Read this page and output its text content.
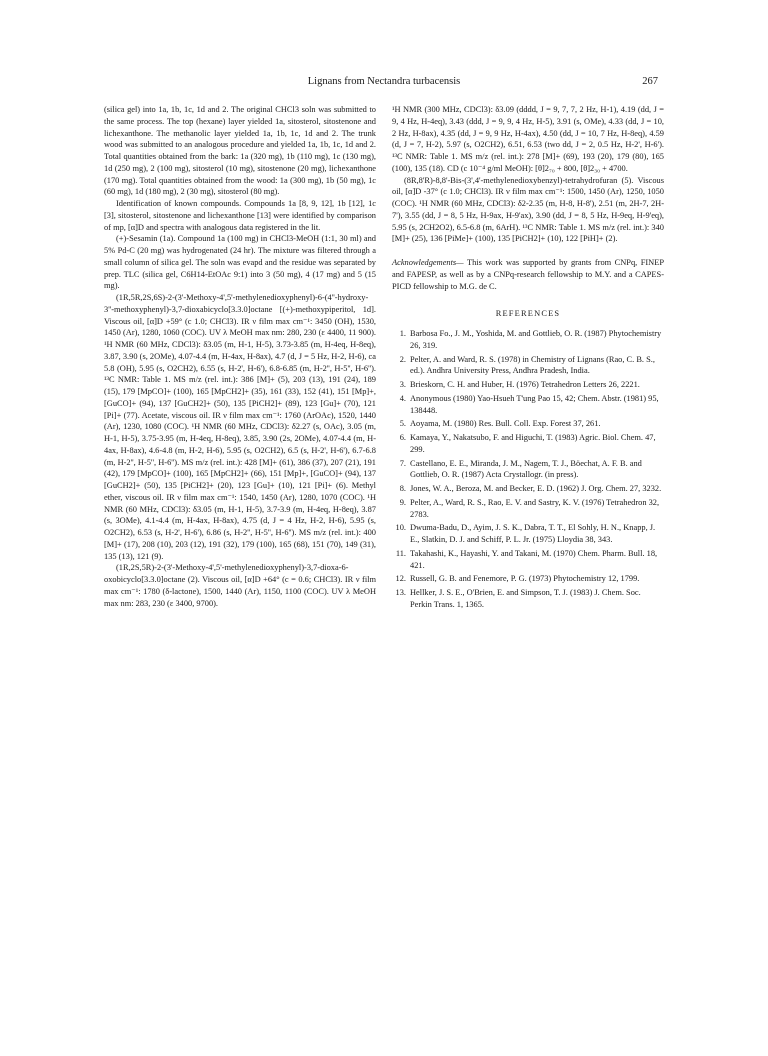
Lignans from Nectandra turbacensis	267

(silica gel) into 1a, 1b, 1c, 1d and 2. The original CHCl3 soln was submitted to the same process. The top (hexane) layer yielded 1a, sitosterol, sitostenone and lichexanthone. The methanolic layer yielded 1a, 1b, 1c, 1d and 2. The trunk wood was submitted to an analogous procedure and yielded 1a, 1b, 1c, 1d and 2. Total quantities obtained from the bark: 1a (320 mg), 1b (110 mg), 1c (130 mg), 1d (250 mg), 2 (100 mg), sitosterol (10 mg), sitostenone (20 mg), lichexanthone (170 mg). Total quantities obtained from the wood: 1a (300 mg), 1b (50 mg), 1c (60 mg), 1d (180 mg), 2 (30 mg), sitosterol (80 mg).

Identification of known compounds. Compounds 1a [8, 9, 12], 1b [12], 1c [3], sitosterol, sitostenone and lichexanthone [13] were identified by comparison of mp, [α]D and spectra with analogous data registered in the lit.

(+)-Sesamin (1a). Compound 1a (100 mg) in CHCl3-MeOH (1:1, 30 ml) and 5% Pd-C (20 mg) was hydrogenated (24 hr). The mixture was filtered through a small column of silica gel. The soln was evapd and the residue was separated by prep. TLC (silica gel, C6H14-EtOAc 9:1) into 3 (50 mg), 4 (17 mg) and 5 (15 mg).

(1R,5R,2S,6S)-2-(3'-Methoxy-4',5'-methylenedioxyphenyl)-6-(4''-hydroxy-3''-methoxyphenyl)-3,7-dioxabicyclo[3.3.0]octane [(+)-methoxypiperitol, 1d]. Viscous oil, [α]D +59° (c 1.0; CHCl3). IR ν film max cm⁻¹: 3450 (OH), 1530, 1450 (Ar), 1280, 1060 (COC). UV λ MeOH max nm: 280, 230 (ε 4400, 11 900). ¹H NMR (60 MHz, CDCl3): δ3.05 (m, H-1, H-5), 3.73-3.85 (m, H-4eq, H-8eq), 3.87, 3.90 (s, 2OMe), 4.07-4.4 (m, H-4ax, H-8ax), 4.7 (d, J = 5 Hz, H-2, H-6), ca 5.8 (OH), 5.95 (s, O2CH2), 6.55 (s, H-2', H-6'), 6.8-6.85 (m, H-2'', H-5'', H-6''). ¹³C NMR: Table 1. MS m/z (rel. int.): 386 [M]+ (5), 203 (13), 191 (24), 189 (15), 179 [MpCO]+ (100), 165 [MpCH2]+ (35), 161 (33), 152 (41), 151 [Mp]+, [GuCO]+ (94), 137 [GuCH2]+ (50), 135 [PiCH2]+ (89), 123 [Gu]+ (70), 121 [Pi]+ (77). Acetate, viscous oil. IR ν film max cm⁻¹: 1760 (ArOAc), 1520, 1440 (Ar), 1230, 1080 (COC). ¹H NMR (60 MHz, CDCl3): δ2.27 (s, OAc), 3.05 (m, H-1, H-5), 3.75-3.95 (m, H-4eq, H-8eq), 3.85, 3.90 (2s, 2OMe), 4.07-4.4 (m, H-4ax, H-8ax), 4.6-4.8 (m, H-2, H-6), 5.95 (s, O2CH2), 6.5 (s, H-2', H-6'), 6.7-6.8 (m, H-2'', H-5'', H-6''). MS m/z (rel. int.): 428 [M]+ (61), 386 (37), 207 (21), 191 (42), 179 [MpCO]+ (100), 165 [MpCH2]+ (66), 151 [Mp]+, [GuCO]+ (94), 137 [GuCH2]+ (50), 135 [PiCH2]+ (20), 123 [Gu]+ (10), 121 [Pi]+ (6). Methyl ether, viscous oil. IR ν film max cm⁻¹: 1540, 1450 (Ar), 1280, 1070 (COC). ¹H NMR (60 MHz, CDCl3): δ3.05 (m, H-1, H-5), 3.7-3.9 (m, H-4eq, H-8eq), 3.87 (s, 3OMe), 4.1-4.4 (m, H-4ax, H-8ax), 4.75 (d, J = 4 Hz, H-2, H-6), 5.95 (s, O2CH2), 6.53 (s, H-2', H-6'), 6.86 (s, H-2'', H-5'', H-6''). MS m/z (rel. int.): 400 [M]+ (17), 208 (10), 203 (12), 191 (32), 179 (100), 165 (68), 151 (70), 149 (31), 135 (13), 121 (9).

(1R,2S,5R)-2-(3'-Methoxy-4',5'-methylenedioxyphenyl)-3,7-dioxa-6-oxobicyclo[3.3.0]octane (2). Viscous oil, [α]D +64° (c = 0.6; CHCl3). IR ν film max cm⁻¹: 1780 (δ-lactone), 1500, 1440 (Ar), 1150, 1100 (COC). UV λ MeOH max nm: 283, 230 (ε 3400, 9700).

¹H NMR (300 MHz, CDCl3): δ3.09 (dddd, J = 9, 7, 7, 2 Hz, H-1), 4.19 (dd, J = 9, 4 Hz, H-4eq), 3.43 (ddd, J = 9, 9, 4 Hz, H-5), 3.91 (s, OMe), 4.33 (dd, J = 10, 2 Hz, H-8ax), 4.35 (dd, J = 9, 9 Hz, H-4ax), 4.50 (dd, J = 10, 7 Hz, H-8eq), 4.59 (d, J = 7, H-2), 5.97 (s, O2CH2), 6.51, 6.53 (two dd, J = 2, 0.5 Hz, H-2', H-6'). ¹³C NMR: Table 1. MS m/z (rel. int.): 278 [M]+ (69), 193 (20), 179 (80), 165 (100), 135 (18). CD (c 10⁻⁴ g/ml MeOH): [θ]2₇₀ + 800, [θ]2₃₀ + 4700.

(8R,8'R)-8,8'-Bis-(3',4'-methylenedioxybenzyl)-tetrahydrofuran (5). Viscous oil, [α]D -37° (c 1.0; CHCl3). IR ν film max cm⁻¹: 1500, 1450 (Ar), 1250, 1050 (COC). ¹H NMR (60 MHz, CDCl3): δ2-2.35 (m, H-8, H-8'), 2.51 (m, 2H-7, 2H-7'), 3.55 (dd, J = 8, 5 Hz, H-9ax, H-9'ax), 3.90 (dd, J = 8, 5 Hz, H-9eq, H-9'eq), 5.95 (s, 2CH2O2), 6.5-6.8 (m, 6ArH). ¹³C NMR: Table 1. MS m/z (rel. int.): 340 [M]+ (25), 136 [PiMe]+ (100), 135 [PiCH2]+ (10), 122 [PiH]+ (2).

Acknowledgements— This work was supported by grants from CNPq, FINEP and FAPESP, as well as by a CNPq-research fellowship to M.Y. and a CAPES-PICD fellowship to M.G. de C.

REFERENCES
1. Barbosa Fo., J. M., Yoshida, M. and Gottlieb, O. R. (1987) Phytochemistry 26, 319.
2. Pelter, A. and Ward, R. S. (1978) in Chemistry of Lignans (Rao, C. B. S., ed.). Andhra University Press, Andhra Pradesh, India.
3. Brieskorn, C. H. and Huber, H. (1976) Tetrahedron Letters 26, 2221.
4. Anonymous (1980) Yao-Hsueh T'ung Pao 15, 42; Chem. Abstr. (1981) 95, 138448.
5. Aoyama, M. (1980) Res. Bull. Coll. Exp. Forest 37, 261.
6. Kamaya, Y., Nakatsubo, F. and Higuchi, T. (1983) Agric. Biol. Chem. 47, 299.
7. Castellano, E. E., Miranda, J. M., Nagem, T. J., Böechat, A. F. B. and Gottlieb, O. R. (1987) Acta Crystallogr. (in press).
8. Jones, W. A., Beroza, M. and Becker, E. D. (1962) J. Org. Chem. 27, 3232.
9. Pelter, A., Ward, R. S., Rao, E. V. and Sastry, K. V. (1976) Tetrahedron 32, 2783.
10. Dwuma-Badu, D., Ayim, J. S. K., Dabra, T. T., El Sohly, H. N., Knapp, J. E., Slatkin, D. J. and Schiff, P. L. Jr. (1975) Lloydia 38, 343.
11. Takahashi, K., Hayashi, Y. and Takani, M. (1970) Chem. Pharm. Bull. 18, 421.
12. Russell, G. B. and Fenemore, P. G. (1973) Phytochemistry 12, 1799.
13. Hellker, J. S. E., O'Brien, E. and Simpson, T. J. (1983) J. Chem. Soc. Perkin Trans. 1, 1365.
